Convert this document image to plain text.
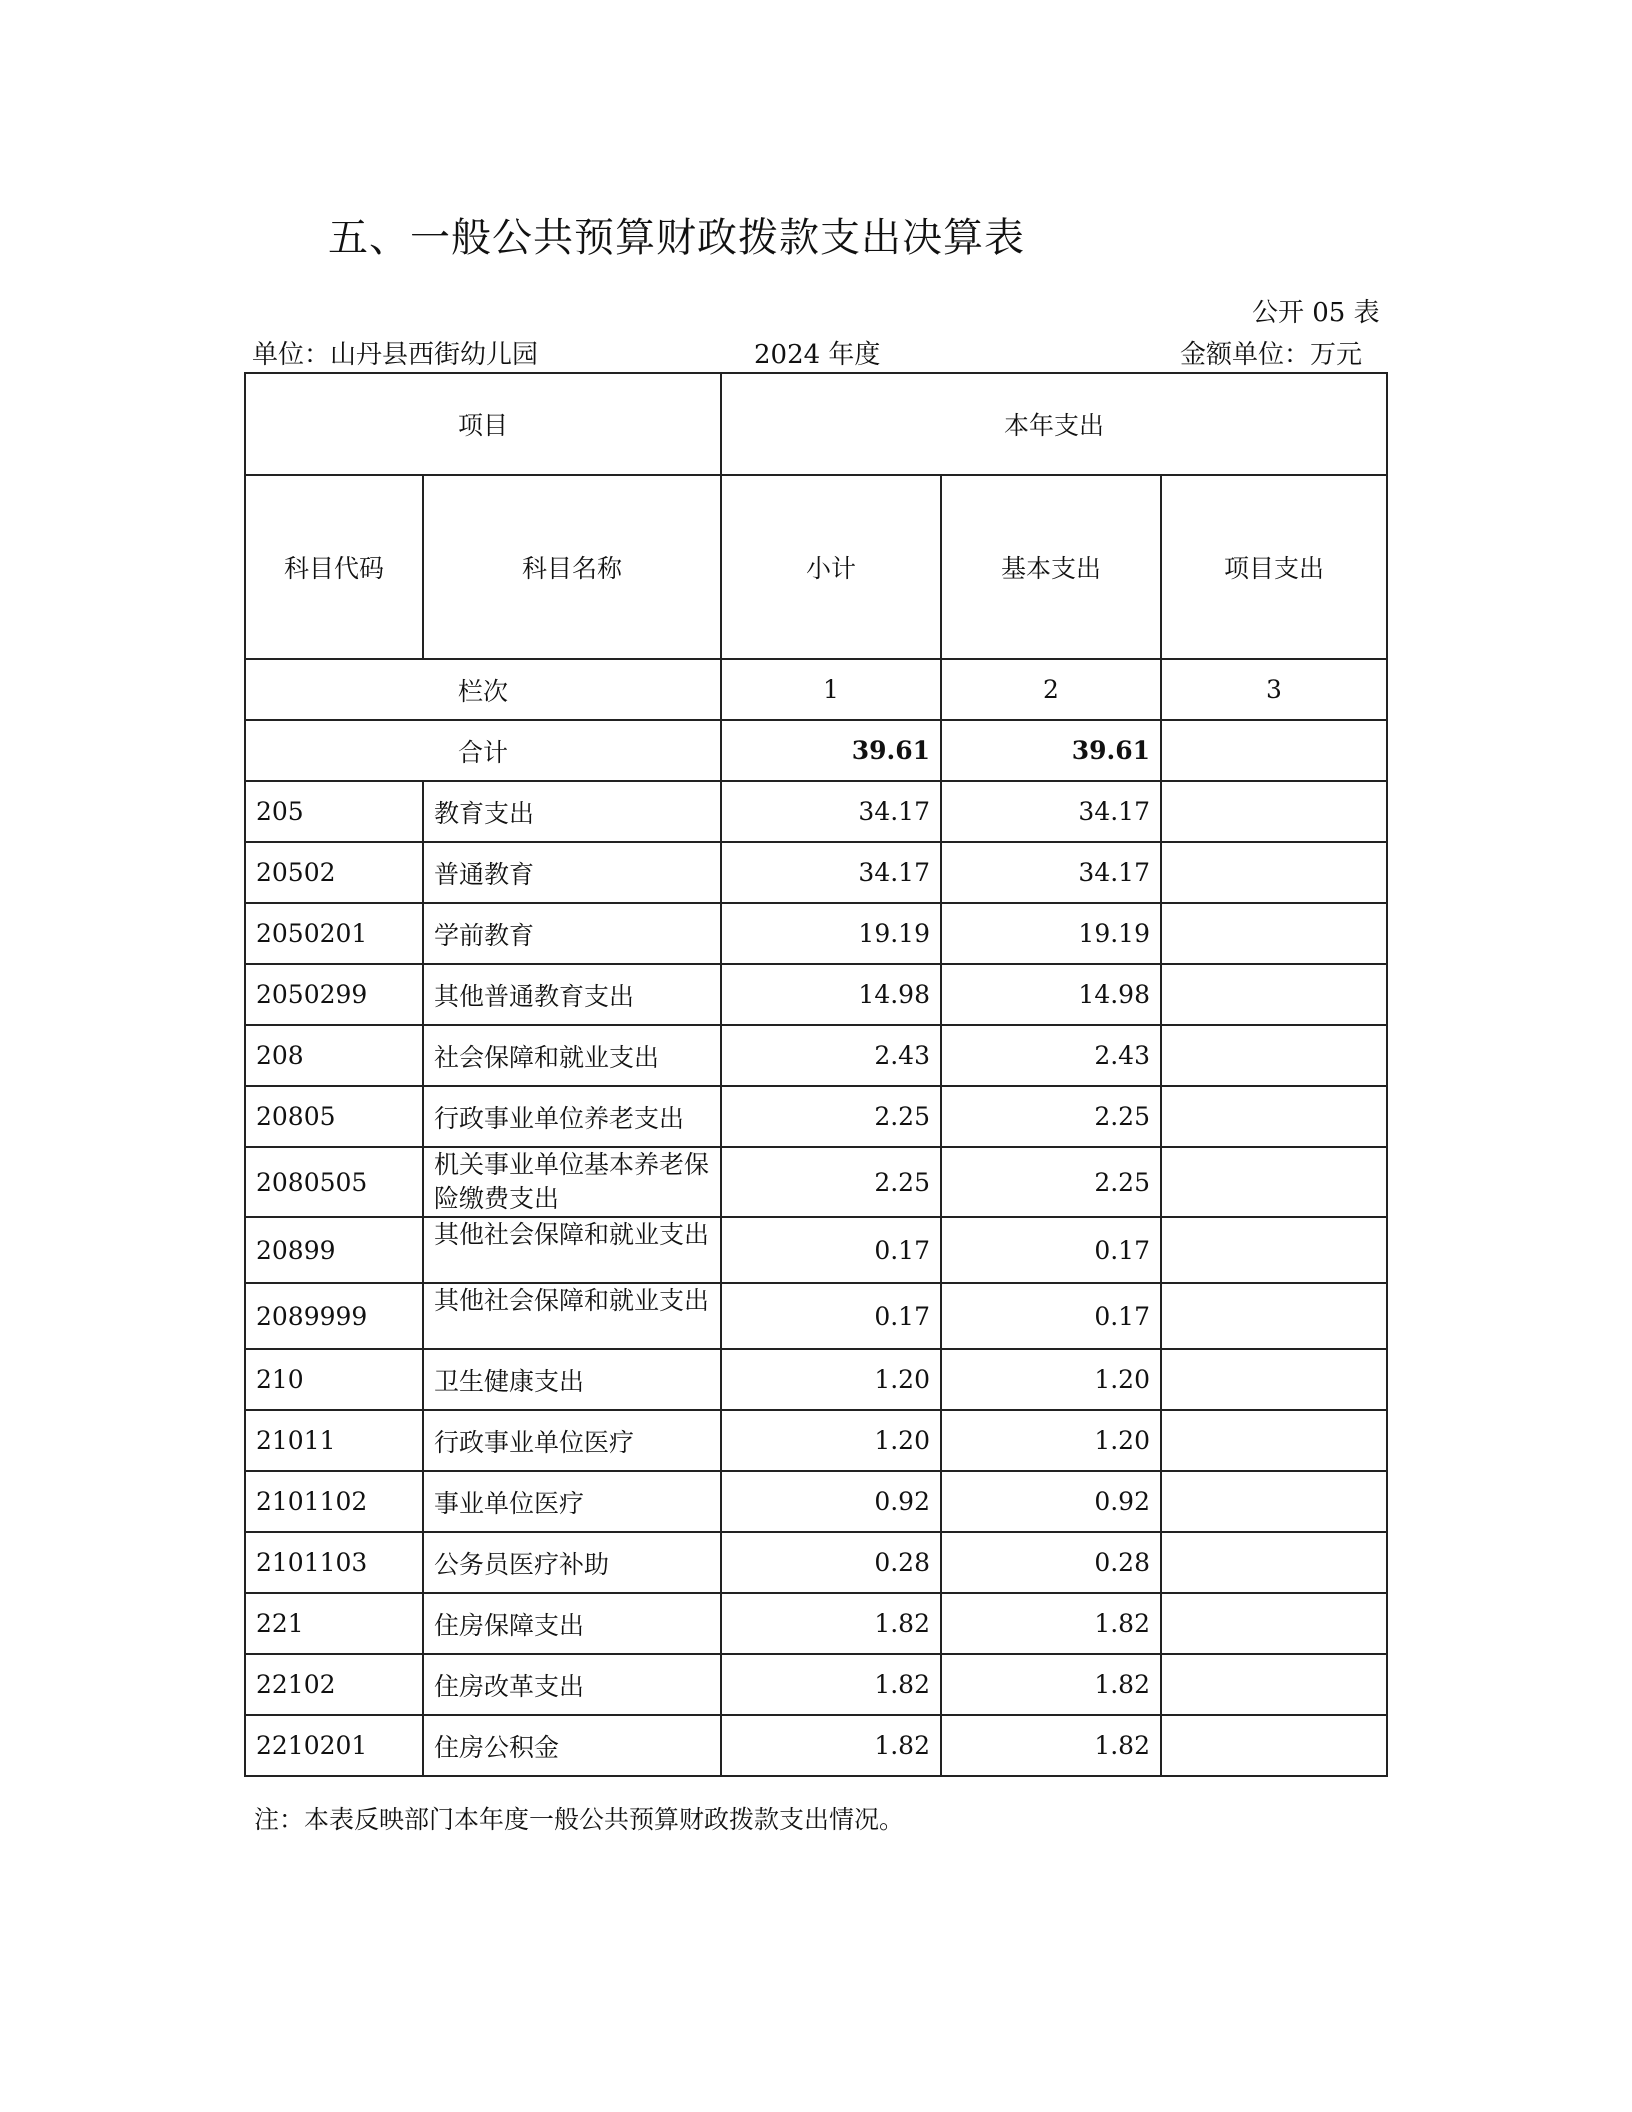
五、一般公共预算财政拨款支出决算表
公开 05 表
单位：山丹县西街幼儿园	2024 年度	金额单位：万元
项目		本年支出		
科目代码	科目名称	小计	基本支出	项目支出
栏次		1	2	3
合计		39.61	39.61	
205	教育支出	34.17	34.17	
20502	普通教育	34.17	34.17	
2050201	学前教育	19.19	19.19	
2050299	其他普通教育支出	14.98	14.98	
208	社会保障和就业支出	2.43	2.43	
20805	行政事业单位养老支出	2.25	2.25	
2080505	机关事业单位基本养老保险缴费支出	2.25	2.25	
20899	其他社会保障和就业支出	0.17	0.17	
2089999	其他社会保障和就业支出	0.17	0.17	
210	卫生健康支出	1.20	1.20	
21011	行政事业单位医疗	1.20	1.20	
2101102	事业单位医疗	0.92	0.92	
2101103	公务员医疗补助	0.28	0.28	
221	住房保障支出	1.82	1.82	
22102	住房改革支出	1.82	1.82	
2210201	住房公积金	1.82	1.82	
注：本表反映部门本年度一般公共预算财政拨款支出情况。
